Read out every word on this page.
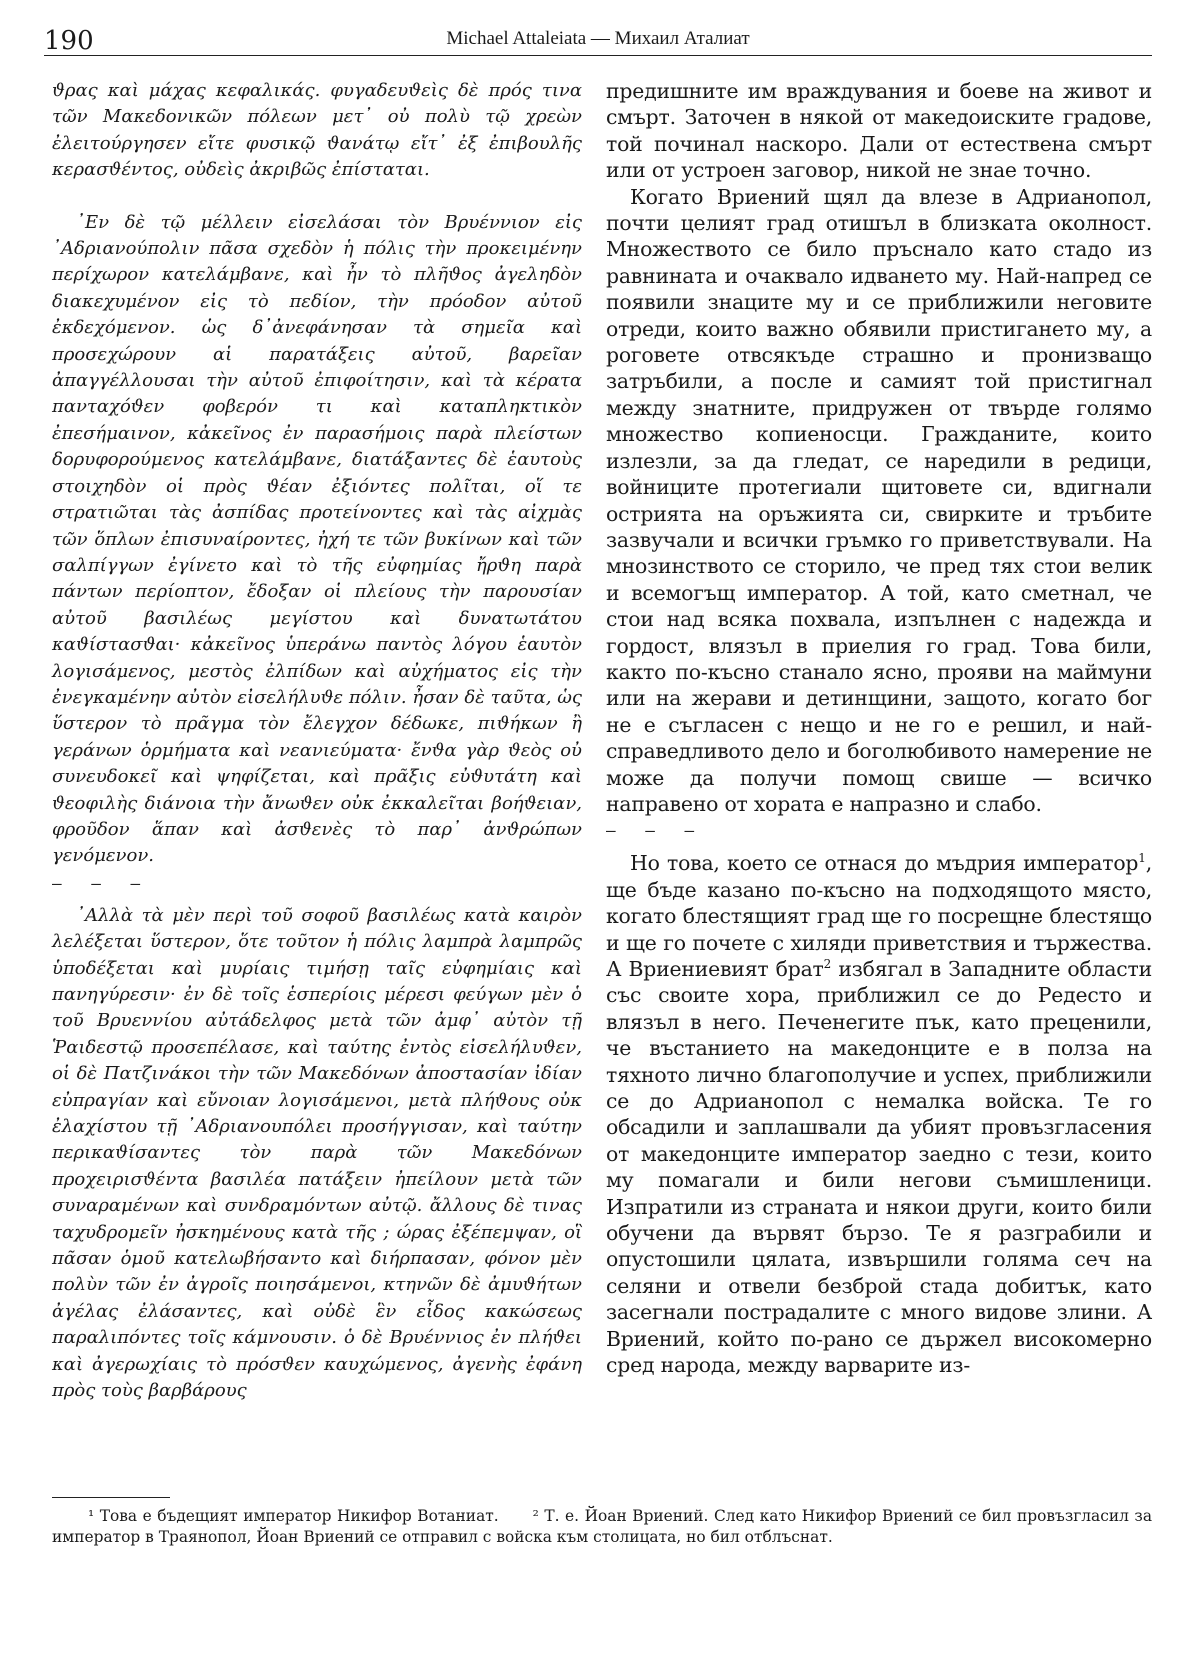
190	Michael Attaleiata — Михаил Аталиат

ϑρας καὶ μάχας κεφαλικάς. φυγαδευϑεὶς δὲ πρός τινα τῶν Μακεδονικῶν πόλεων μετ᾿ οὐ πολὺ τῷ χρεὼν ἐλειτούργησεν εἴτε φυσικῷ ϑανάτῳ εἴτ᾿ ἐξ ἐπιβουλῆς κερασϑέντος, οὐδεὶς ἀκριβῶς ἐπίσταται.

᾿Εν δὲ τῷ μέλλειν εἰσελάσαι τὸν Βρυέννιον εἰς ᾿Αδριανούπολιν πᾶσα σχεδὸν ἡ πόλις τὴν προκειμένην περίχωρον κατελάμβανε, καὶ ἦν τὸ πλῆϑος ἀγεληδὸν διακεχυμένον εἰς τὸ πεδίον, τὴν πρόοδον αὐτοῦ ἐκδεχόμενον. ὡς δ᾿ἀνεφάνησαν τὰ σημεῖα καὶ προσεχώρουν αἱ παρατάξεις αὐτοῦ, βαρεῖαν ἀπαγγέλλουσαι τὴν αὐτοῦ ἐπιφοίτησιν, καὶ τὰ κέρατα πανταχόϑεν φοβερόν τι καὶ καταπληκτικὸν ἐπεσήμαινον, κἀκεῖνος ἐν παρασήμοις παρὰ πλείστων δορυφορούμενος κατελάμβανε, διατάξαντες δὲ ἑαυτοὺς στοιχηδὸν οἱ πρὸς ϑέαν ἐξιόντες πολῖται, οἵ τε στρατιῶται τὰς ἀσπίδας προτείνοντες καὶ τὰς αἰχμὰς τῶν ὅπλων ἐπισυναίροντες, ἠχή τε τῶν βυκίνων καὶ τῶν σαλπίγγων ἐγίνετο καὶ τὸ τῆς εὐφημίας ἤρϑη παρὰ πάντων περίοπτον, ἔδοξαν οἱ πλείους τὴν παρουσίαν αὐτοῦ βασιλέως μεγίστου καὶ δυνατωτάτου καϑίστασϑαι· κἀκεῖνος ὑπεράνω παντὸς λόγου ἑαυτὸν λογισάμενος, μεστὸς ἐλπίδων καὶ αὐχήματος εἰς τὴν ἐνεγκαμένην αὐτὸν εἰσελήλυϑε πόλιν. ἦσαν δὲ ταῦτα, ὡς ὕστερον τὸ πρᾶγμα τὸν ἔλεγχον δέδωκε, πιϑήκων ἢ γεράνων ὁρμήματα καὶ νεανιεύματα· ἔνϑα γὰρ ϑεὸς οὐ συνευδοκεῖ καὶ ψηφίζεται, καὶ πρᾶξις εὐϑυτάτη καὶ ϑεοφιλὴς διάνοια τὴν ἄνωϑεν οὐκ ἐκκαλεῖται βοήϑειαν, φροῦδον ἅπαν καὶ ἀσϑενὲς τὸ παρ᾿ ἀνϑρώπων γενόμενον.

— — —

᾿Αλλὰ τὰ μὲν περὶ τοῦ σοφοῦ βασιλέως κατὰ καιρὸν λελέξεται ὕστερον, ὅτε τοῦτον ἡ πόλις λαμπρὰ λαμπρῶς ὑποδέξεται καὶ μυρίαις τιμήσῃ ταῖς εὐφημίαις καὶ πανηγύρεσιν· ἐν δὲ τοῖς ἑσπερίοις μέρεσι φεύγων μὲν ὁ τοῦ Βρυεννίου αὐτάδελφος μετὰ τῶν ἀμφ᾿ αὐτὸν τῇ Ῥαιδεστῷ προσεπέλασε, καὶ ταύτης ἐντὸς εἰσελήλυϑεν, οἱ δὲ Πατζινάκοι τὴν τῶν Μακεδόνων ἀποστασίαν ἰδίαν εὐπραγίαν καὶ εὔνοιαν λογισάμενοι, μετὰ πλήϑους οὐκ ἐλαχίστου τῇ ᾿Αδριανουπόλει προσήγγισαν, καὶ ταύτην περικαϑίσαντες τὸν παρὰ τῶν Μακεδόνων προχειρισϑέντα βασιλέα πατάξειν ἠπείλουν μετὰ τῶν συναραμένων καὶ συνδραμόντων αὐτῷ. ἄλλους δὲ τινας ταχυδρομεῖν ἠσκημένους κατὰ τῆς ; ώρας ἐξέπεμψαν, οἳ πᾶσαν ὁμοῦ κατελωβήσαντο καὶ διήρπασαν, φόνον μὲν πολὺν τῶν ἐν ἀγροῖς ποιησάμενοι, κτηνῶν δὲ ἀμυϑήτων ἀγέλας ἐλάσαντες, καὶ οὐδὲ ἓν εἶδος κακώσεως παραλιπόντες τοῖς κάμνουσιν. ὁ δὲ Βρυέννιος ἐν πλήϑει καὶ ἀγερωχίαις τὸ πρόσϑεν καυχώμενος, ἀγενὴς ἐφάνη πρὸς τοὺς βαρβάρους

предишните им враждувания и боеве на живот и смърт. Заточен в някой от македоиските градове, той починал наскоро. Дали от естествена смърт или от устроен заговор, никой не знае точно.

Когато Вриений щял да влезе в Адрианопол, почти целият град отишъл в близката околност. Множеството се било пръснало като стадо из равнината и очаквало идването му. Най-напред се появили знаците му и се приближили неговите отреди, които важно обявили пристигането му, а роговете отвсякъде страшно и пронизващо затръбили, а после и самият той пристигнал между знатните, придружен от твърде голямо множество копиеносци. Гражданите, които излезли, за да гледат, се наредили в редици, войниците протегиали щитовете си, вдигнали острията на оръжията си, свирките и тръбите зазвучали и всички гръмко го приветствували. На мнозинството се сторило, че пред тях стои велик и всемогъщ император. А той, като сметнал, че стои над всяка похвала, изпълнен с надежда и гордост, влязъл в приелия го град. Това били, както по-късно станало ясно, прояви на маймуни или на жерави и детинщини, защото, когато бог не е съгласен с нещо и не го е решил, и най-справедливото дело и боголюбивото намерение не може да получи помощ свише — всичко направено от хората е напразно и слабо.

— — —

Но това, което се отнася до мъдрия император$^1$, ще бъде казано по-късно на подходящото място, когато блестящият град ще го посрещне блестящо и ще го почете с хиляди приветствия и тържества. А Вриениевият брат$^2$ избягал в Западните области със своите хора, приближил се до Редесто и влязъл в него. Печенегите пък, като преценили, че въстанието на македонците е в полза на тяхното лично благополучие и успех, приближили се до Адрианопол с немалка войска. Те го обсадили и заплашвали да убият провъзгласения от македонците император заедно с тези, които му помагали и били негови съмишленици. Изпратили из страната и някои други, които били обучени да вървят бързо. Те я разграбили и опустошили цялата, извършили голяма сеч на селяни и отвели безброй стада добитък, като засегнали пострадалите с много видове злини. А Вриений, който по-рано се държел високомерно сред народа, между варварите из-

¹ Това е бъдещият император Никифор Вотаниат. ² Т. е. Йоан Вриений. След като Никифор Вриений се бил провъзгласил за император в Траянопол, Йоан Вриений се отправил с войска към столицата, но бил отблъснат.
